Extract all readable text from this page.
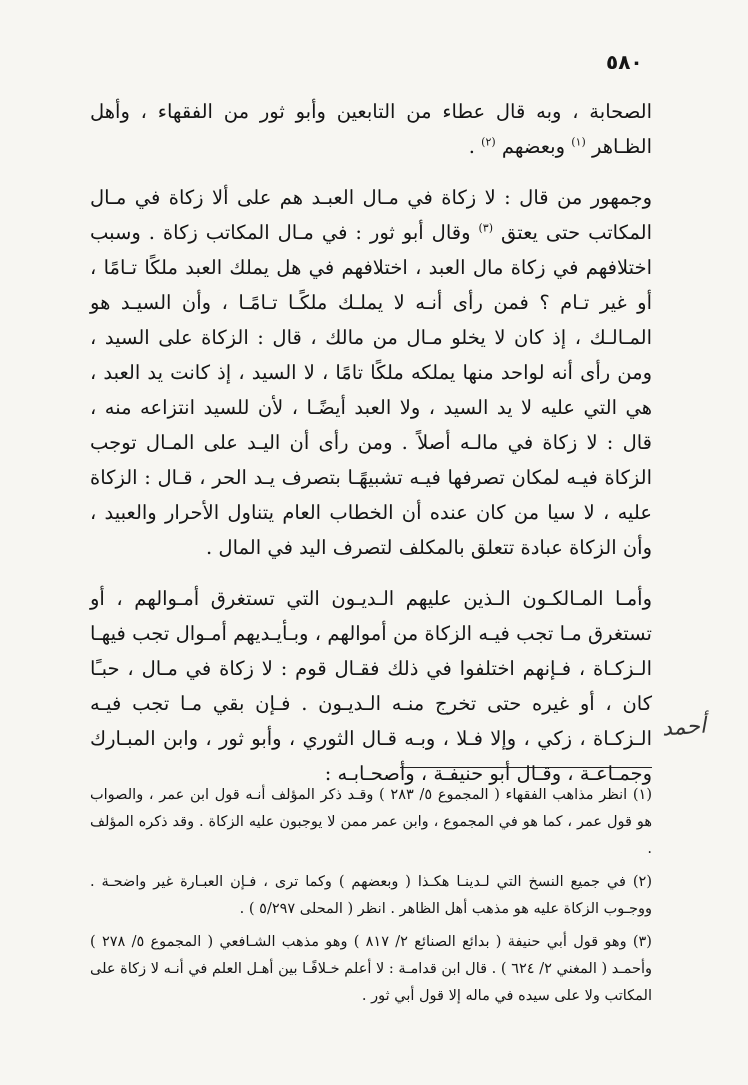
٥٨٠

الصحابة ، وبه قال عطاء من التابعين وأبو ثور من الفقهاء ، وأهل الظـاهر $^{(١)}$ وبعضهم $^{(٢)}$ .

وجمهور من قال : لا زكاة في مـال العبـد هم على ألا زكاة في مـال المكاتب حتى يعتق $^{(٣)}$ وقال أبو ثور : في مـال المكاتب زكاة . وسبب اختلافهم في زكاة مال العبد ، اختلافهم في هل يملك العبد ملكًا تـامًا ، أو غير تـام ؟ فمن رأى أنـه لا يملـك ملكًـا تـامًـا ، وأن السيـد هو المـالـك ، إذ كان لا يخلو مـال من مالك ، قال : الزكاة على السيد ، ومن رأى أنه لواحد منها يملكه ملكًا تامًا ، لا السيد ، إذ كانت يد العبد ، هي التي عليه لا يد السيد ، ولا العبد أيضًـا ، لأن للسيد انتزاعه منه ، قال : لا زكاة في مالـه أصلاً . ومن رأى أن اليـد على المـال توجب الزكاة فيـه لمكان تصرفها فيـه تشبيهًـا بتصرف يـد الحر ، قـال : الزكاة عليه ، لا سيا من كان عنده أن الخطاب العام يتناول الأحرار والعبيد ، وأن الزكاة عبادة تتعلق بالمكلف لتصرف اليد في المال .

وأمـا المـالكـون الـذين عليهم الـديـون التي تستغرق أمـوالهم ، أو تستغرق مـا تجب فيـه الزكاة من أموالهم ، وبـأيـديهم أمـوال تجب فيهـا الـزكـاة ، فـإنهم اختلفوا في ذلك فقـال قوم : لا زكاة في مـال ، حبـًا كان ، أو غيره حتى تخرج منـه الـديـون . فـإن بقي مـا تجب فيـه الـزكـاة ، زكي ، وإلا فـلا ، وبـه قـال الثوري ، وأبو ثور ، وابن المبـارك وجمـاعـة ، وقـال أبو حنيفـة ، وأصحـابـه :

أحمد

(١) انظر مذاهب الفقهاء ( المجموع ٥/ ٢٨٣ ) وقـد ذكر المؤلف أنـه قول ابن عمر ، والصواب هو قول عمر ، كما هو في المجموع ، وابن عمر ممن لا يوجبون عليه الزكاة . وقد ذكره المؤلف .

(٢) في جميع النسخ التي لـدينـا هكـذا ( وبعضهم ) وكما ترى ، فـإن العبـارة غير واضحـة . ووجـوب الزكاة عليه هو مذهب أهل الظاهر . انظر ( المحلى ٥/٢٩٧ ) .

(٣) وهو قول أبي حنيفة ( بدائع الصنائع ٢/ ٨١٧ ) وهو مذهب الشـافعي ( المجموع ٥/ ٢٧٨ ) وأحمـد ( المغني ٢/ ٦٢٤ ) . قال ابن قدامـة : لا أعلم خـلافًـا بين أهـل العلم في أنـه لا زكاة على المكاتب ولا على سيده في ماله إلا قول أبي ثور .
